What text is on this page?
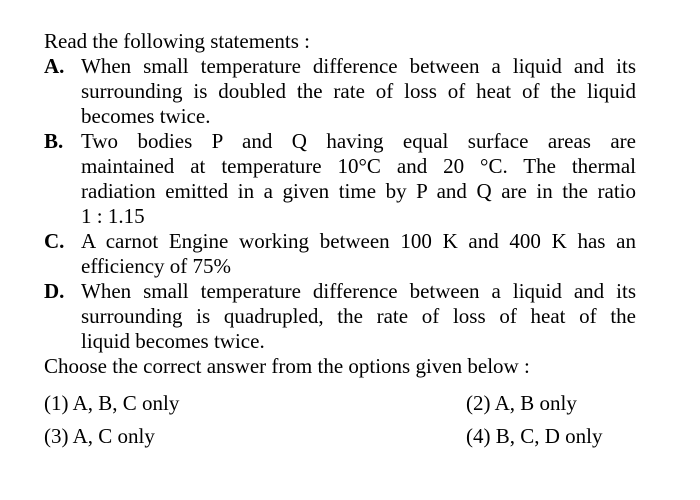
Read the following statements :
A. When small temperature difference between a liquid and its
surrounding is doubled the rate of loss of heat of the liquid
becomes twice.
B. Two bodies P and Q having equal surface areas are
maintained at temperature 10°C and 20 °C. The thermal
radiation emitted in a given time by P and Q are in the ratio
1 : 1.15
C. A carnot Engine working between 100 K and 400 K has an
efficiency of 75%
D. When small temperature difference between a liquid and its
surrounding is quadrupled, the rate of loss of heat of the
liquid becomes twice.
Choose the correct answer from the options given below :
(1) A, B, C only	(2) A, B only
(3) A, C only	(4) B, C, D only
